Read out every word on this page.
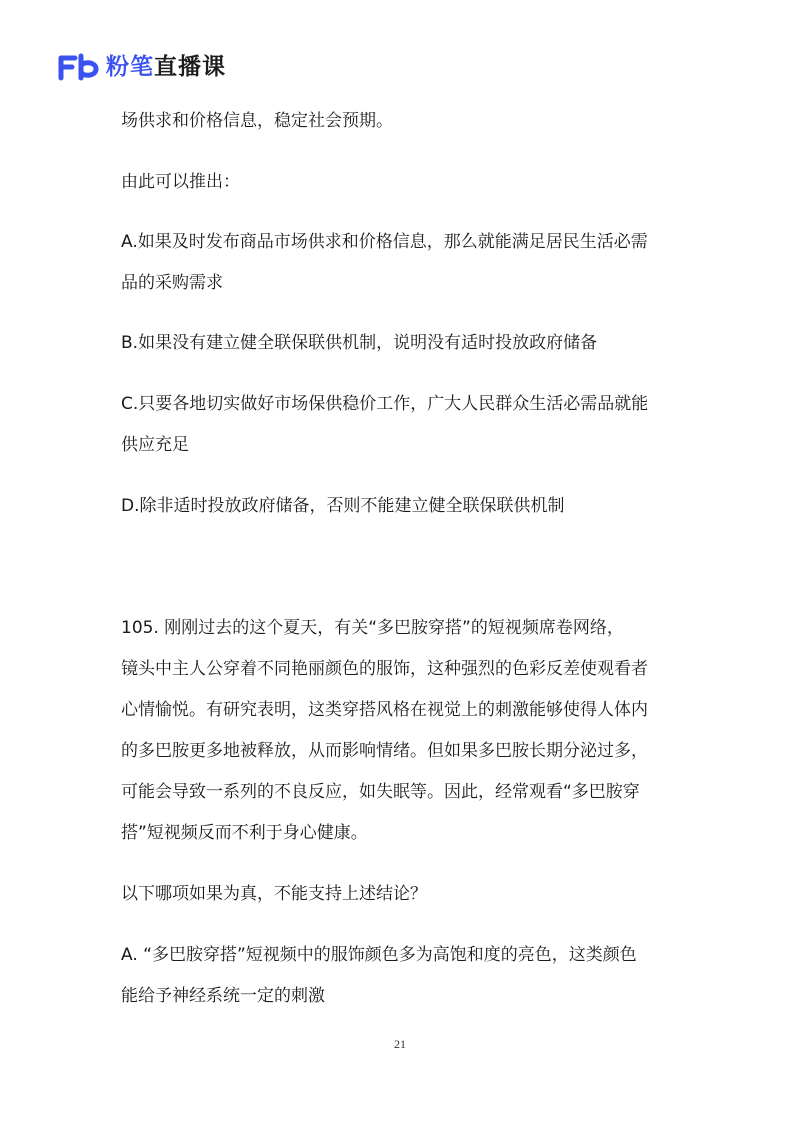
粉笔直播课
场供求和价格信息，稳定社会预期。
由此可以推出：
A.如果及时发布商品市场供求和价格信息，那么就能满足居民生活必需
品的采购需求
B.如果没有建立健全联保联供机制，说明没有适时投放政府储备
C.只要各地切实做好市场保供稳价工作，广大人民群众生活必需品就能
供应充足
D.除非适时投放政府储备，否则不能建立健全联保联供机制
105. 刚刚过去的这个夏天，有关“多巴胺穿搭”的短视频席卷网络，
镜头中主人公穿着不同艳丽颜色的服饰，这种强烈的色彩反差使观看者
心情愉悦。有研究表明，这类穿搭风格在视觉上的刺激能够使得人体内
的多巴胺更多地被释放，从而影响情绪。但如果多巴胺长期分泌过多，
可能会导致一系列的不良反应，如失眠等。因此，经常观看“多巴胺穿
搭”短视频反而不利于身心健康。
以下哪项如果为真，不能支持上述结论？
A. “多巴胺穿搭”短视频中的服饰颜色多为高饱和度的亮色，这类颜色
能给予神经系统一定的刺激
21
